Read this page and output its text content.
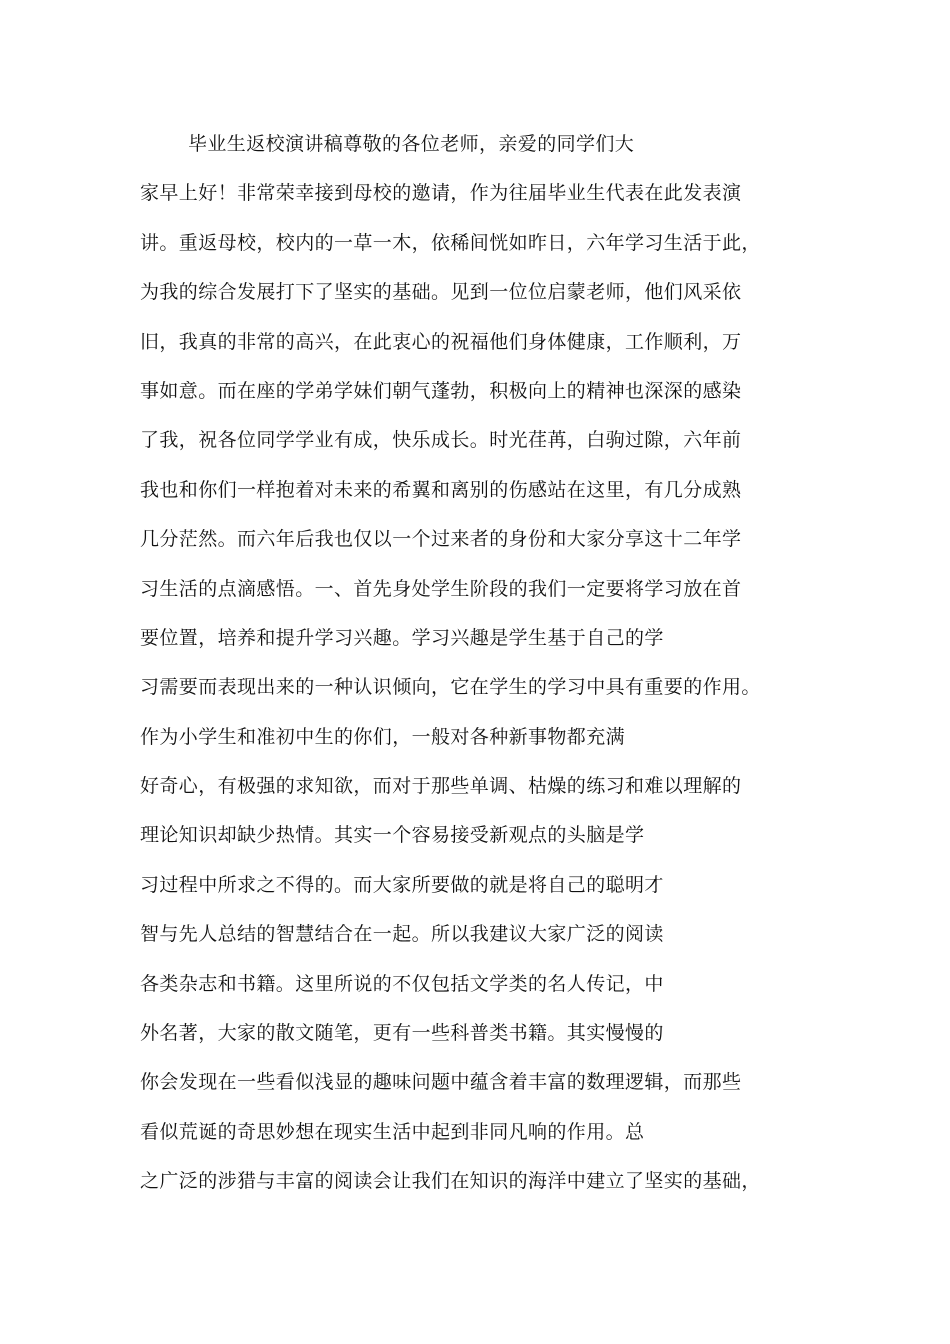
毕业生返校演讲稿尊敬的各位老师，亲爱的同学们大
家早上好！非常荣幸接到母校的邀请，作为往届毕业生代表在此发表演
讲。重返母校，校内的一草一木，依稀间恍如昨日，六年学习生活于此，
为我的综合发展打下了坚实的基础。见到一位位启蒙老师，他们风采依
旧，我真的非常的高兴，在此衷心的祝福他们身体健康，工作顺利，万
事如意。而在座的学弟学妹们朝气蓬勃，积极向上的精神也深深的感染
了我，祝各位同学学业有成，快乐成长。时光荏苒，白驹过隙，六年前
我也和你们一样抱着对未来的希翼和离别的伤感站在这里，有几分成熟
几分茫然。而六年后我也仅以一个过来者的身份和大家分享这十二年学
习生活的点滴感悟。一、首先身处学生阶段的我们一定要将学习放在首
要位置，培养和提升学习兴趣。学习兴趣是学生基于自己的学
习需要而表现出来的一种认识倾向，它在学生的学习中具有重要的作用。
作为小学生和准初中生的你们，一般对各种新事物都充满
好奇心，有极强的求知欲，而对于那些单调、枯燥的练习和难以理解的
理论知识却缺少热情。其实一个容易接受新观点的头脑是学
习过程中所求之不得的。而大家所要做的就是将自己的聪明才
智与先人总结的智慧结合在一起。所以我建议大家广泛的阅读
各类杂志和书籍。这里所说的不仅包括文学类的名人传记，中
外名著，大家的散文随笔，更有一些科普类书籍。其实慢慢的
你会发现在一些看似浅显的趣味问题中蕴含着丰富的数理逻辑，而那些
看似荒诞的奇思妙想在现实生活中起到非同凡响的作用。总
之广泛的涉猎与丰富的阅读会让我们在知识的海洋中建立了坚实的基础，
